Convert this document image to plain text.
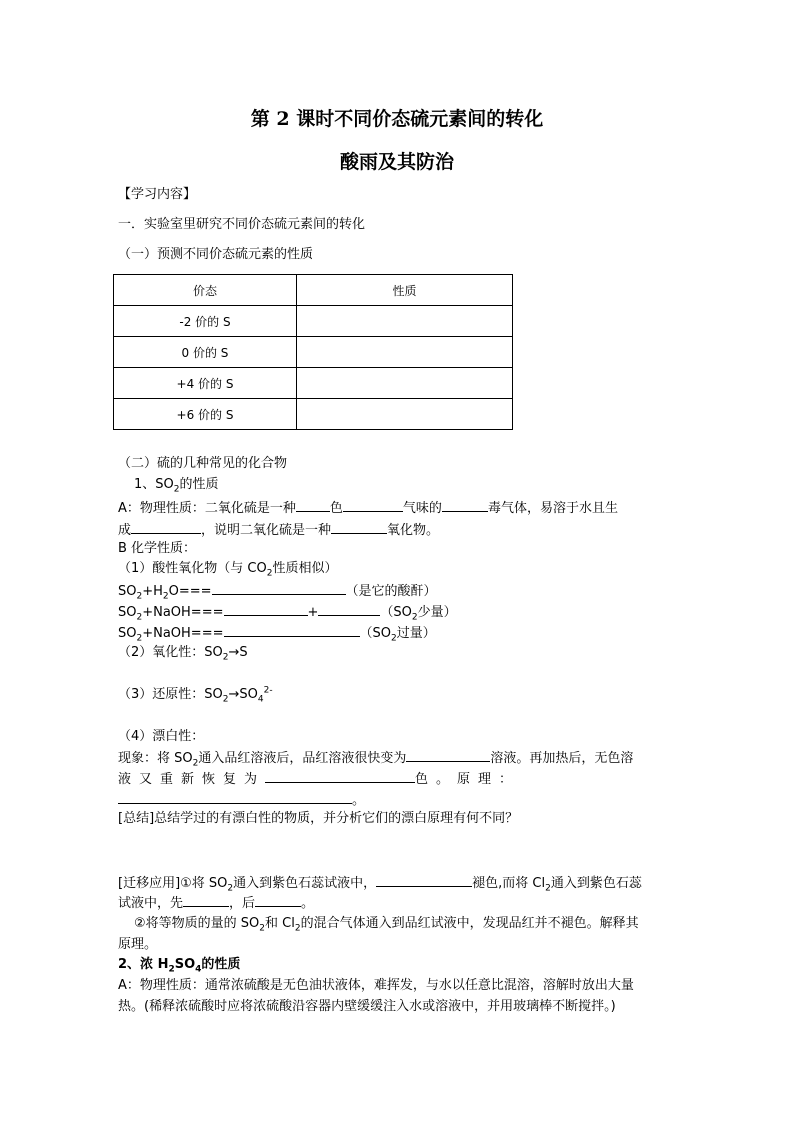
第 2 课时不同价态硫元素间的转化
酸雨及其防治
【学习内容】
一．实验室里研究不同价态硫元素间的转化
（一）预测不同价态硫元素的性质
价态	性质
-2 价的 S	
0 价的 S	
+4 价的 S	
+6 价的 S	
（二）硫的几种常见的化合物
1、$SO_2$的性质
A：物理性质：二氧化硫是一种	色	气味的	毒气体，易溶于水且生
成	，说明二氧化硫是一种	氧化物。
B 化学性质：
（1）酸性氧化物（与 $CO_2$性质相似）
$SO_2+H_2O===$	（是它的酸酐）
$SO_2+NaOH===$	+	（$SO_2$少量）
$SO_2+NaOH===$	（$SO_2$过量）
（2）氧化性：$SO_2\to S$
（3）还原性：$SO_2\to SO_4^{2-}$
（4）漂白性：
现象：将 $SO_2$通入品红溶液后，品红溶液很快变为	溶液。再加热后，无色溶
液又重新恢复为	色。原理：
。
[总结]总结学过的有漂白性的物质，并分析它们的漂白原理有何不同？
[迁移应用]①将 $SO_2$通入到紫色石蕊试液中，	褪色,而将 $Cl_2$通入到紫色石蕊
试液中，先	，后	。
②将等物质的量的 $SO_2$和 $Cl_2$的混合气体通入到品红试液中，发现品红并不褪色。解释其
原理。
2、浓 $H_2SO_4$的性质
A：物理性质：通常浓硫酸是无色油状液体，难挥发，与水以任意比混溶，溶解时放出大量
热。(稀释浓硫酸时应将浓硫酸沿容器内壁缓缓注入水或溶液中，并用玻璃棒不断搅拌。)
